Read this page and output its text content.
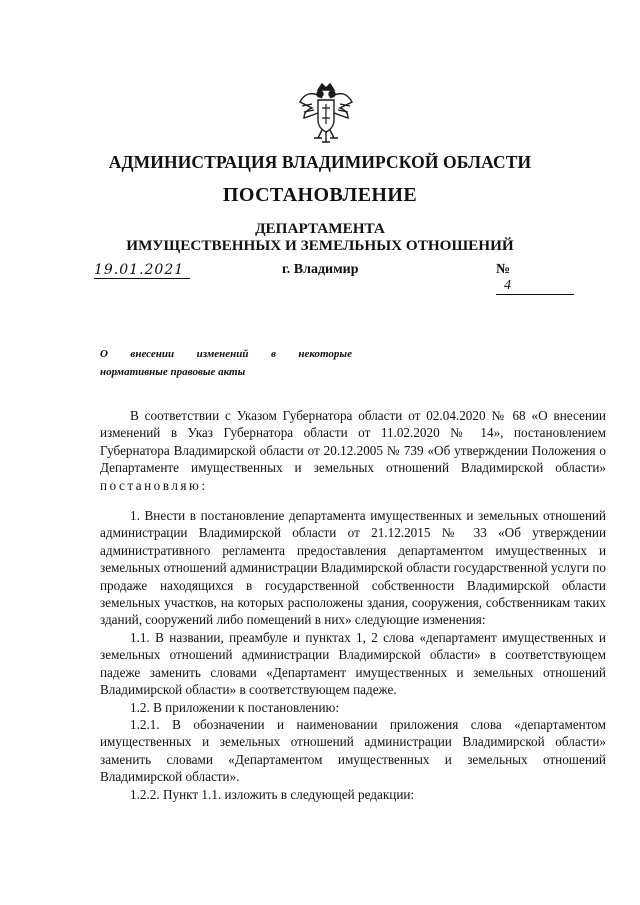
АДМИНИСТРАЦИЯ ВЛАДИМИРСКОЙ ОБЛАСТИ
ПОСТАНОВЛЕНИЕ
ДЕПАРТАМЕНТА
ИМУЩЕСТВЕННЫХ И ЗЕМЕЛЬНЫХ ОТНОШЕНИЙ
19.01.2021	г. Владимир	№4
О внесении изменений в некоторые
нормативные правовые акты

В соответствии с Указом Губернатора области от 02.04.2020 № 68 «О внесении изменений в Указ Губернатора области от 11.02.2020 № 14», постановлением Губернатора Владимирской области от 20.12.2005 № 739 «Об утверждении Положения о Департаменте имущественных и земельных отношений Владимирской области» постановляю:

1. Внести в постановление департамента имущественных и земельных отношений администрации Владимирской области от 21.12.2015 № 33 «Об утверждении административного регламента предоставления департаментом имущественных и земельных отношений администрации Владимирской области государственной услуги по продаже находящихся в государственной собственности Владимирской области земельных участков, на которых расположены здания, сооружения, собственникам таких зданий, сооружений либо помещений в них» следующие изменения:

1.1. В названии, преамбуле и пунктах 1, 2 слова «департамент имущественных и земельных отношений администрации Владимирской области» в соответствующем падеже заменить словами «Департамент имущественных и земельных отношений Владимирской области» в соответствующем падеже.

1.2. В приложении к постановлению:

1.2.1. В обозначении и наименовании приложения слова «департаментом имущественных и земельных отношений администрации Владимирской области» заменить словами «Департаментом имущественных и земельных отношений Владимирской области».

1.2.2. Пункт 1.1. изложить в следующей редакции:
